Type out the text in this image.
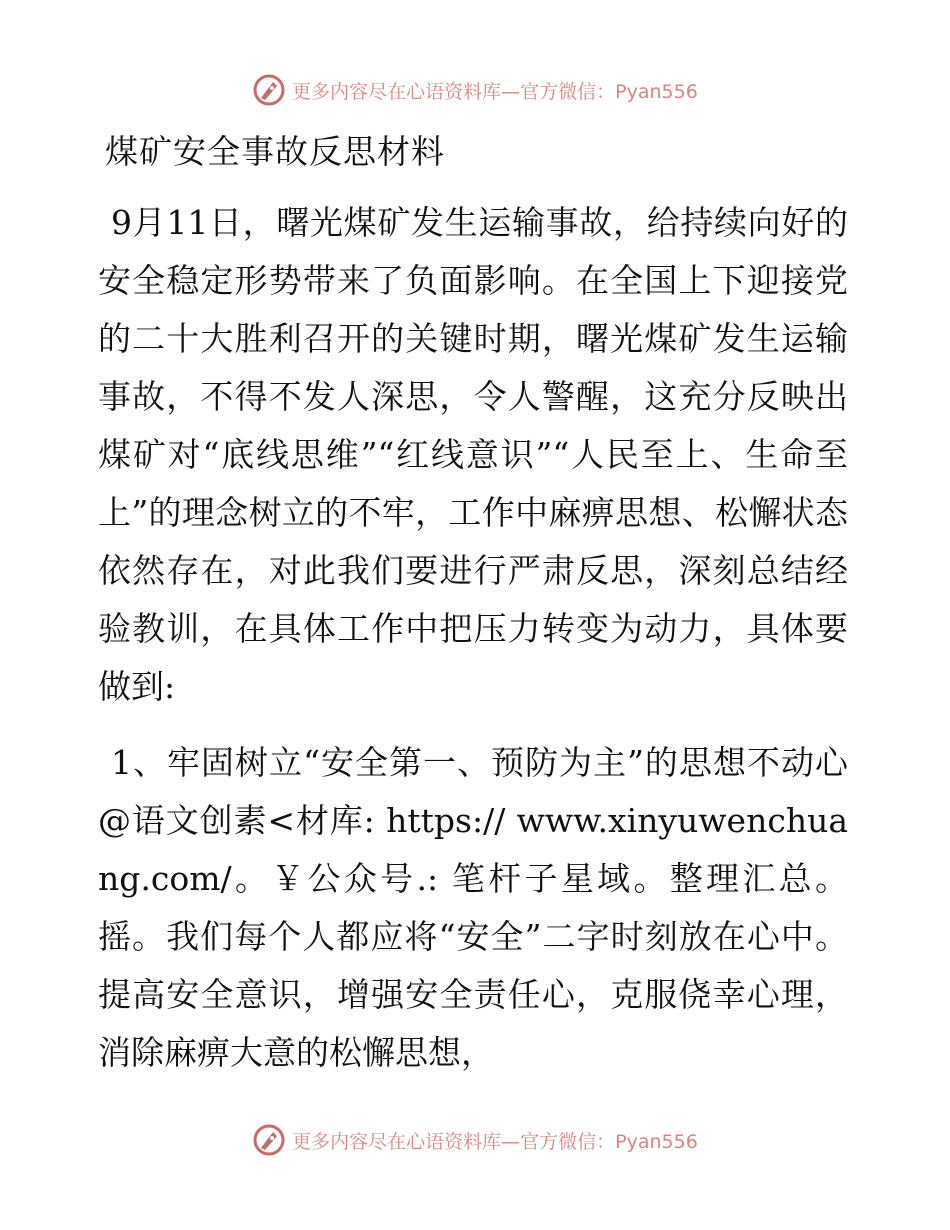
更多内容尽在心语资料库—官方微信：Pyan556
煤矿安全事故反思材料

9月11日，曙光煤矿发生运输事故，给持续向好的安全稳定形势带来了负面影响。在全国上下迎接党的二十大胜利召开的关键时期，曙光煤矿发生运输事故，不得不发人深思，令人警醒，这充分反映出煤矿对“底线思维”“红线意识”“人民至上、生命至上”的理念树立的不牢，工作中麻痹思想、松懈状态依然存在，对此我们要进行严肃反思，深刻总结经验教训，在具体工作中把压力转变为动力，具体要做到:

1、牢固树立“安全第一、预防为主”的思想不动心@语文创素<材库: https:// www.xinyuwenchuang.com/。￥公众号.: 笔杆子星域。整理汇总。摇。我们每个人都应将“安全”二字时刻放在心中。提高安全意识，增强安全责任心，克服侥幸心理，消除麻痹大意的松懈思想，

更多内容尽在心语资料库—官方微信：Pyan556
